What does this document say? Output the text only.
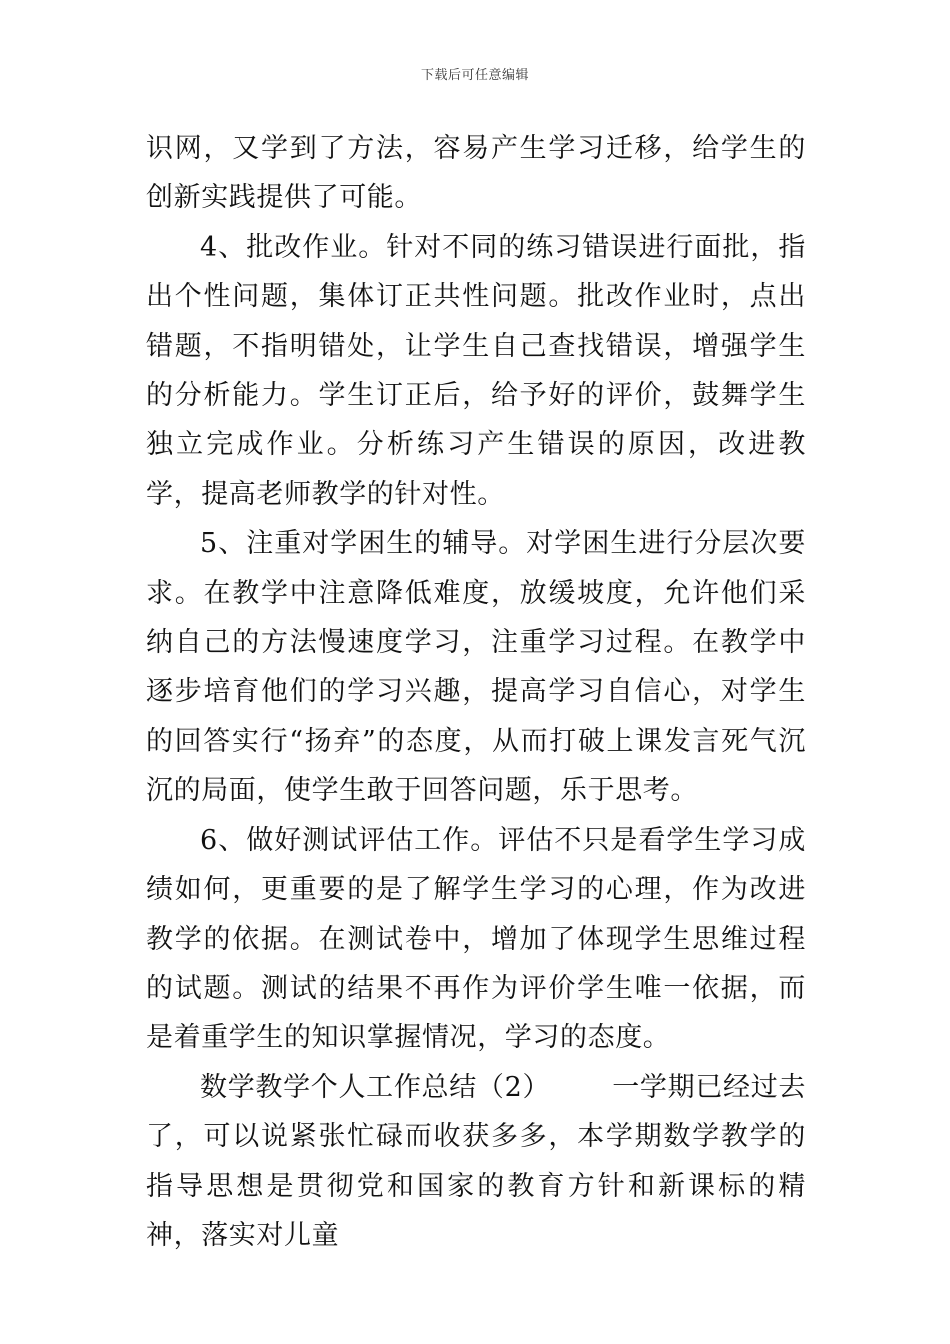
下载后可任意编辑

识网，又学到了方法，容易产生学习迁移，给学生的创新实践提供了可能。

4、批改作业。针对不同的练习错误进行面批，指出个性问题，集体订正共性问题。批改作业时，点出错题，不指明错处，让学生自己查找错误，增强学生的分析能力。学生订正后，给予好的评价，鼓舞学生独立完成作业。分析练习产生错误的原因，改进教学，提高老师教学的针对性。

5、注重对学困生的辅导。对学困生进行分层次要求。在教学中注意降低难度，放缓坡度，允许他们采纳自己的方法慢速度学习，注重学习过程。在教学中逐步培育他们的学习兴趣，提高学习自信心，对学生的回答实行“扬弃”的态度，从而打破上课发言死气沉沉的局面，使学生敢于回答问题，乐于思考。

6、做好测试评估工作。评估不只是看学生学习成绩如何，更重要的是了解学生学习的心理，作为改进教学的依据。在测试卷中，增加了体现学生思维过程的试题。测试的结果不再作为评价学生唯一依据，而是着重学生的知识掌握情况，学习的态度。

数学教学个人工作总结（2） 一学期已经过去了，可以说紧张忙碌而收获多多，本学期数学教学的指导思想是贯彻党和国家的教育方针和新课标的精神，落实对儿童
